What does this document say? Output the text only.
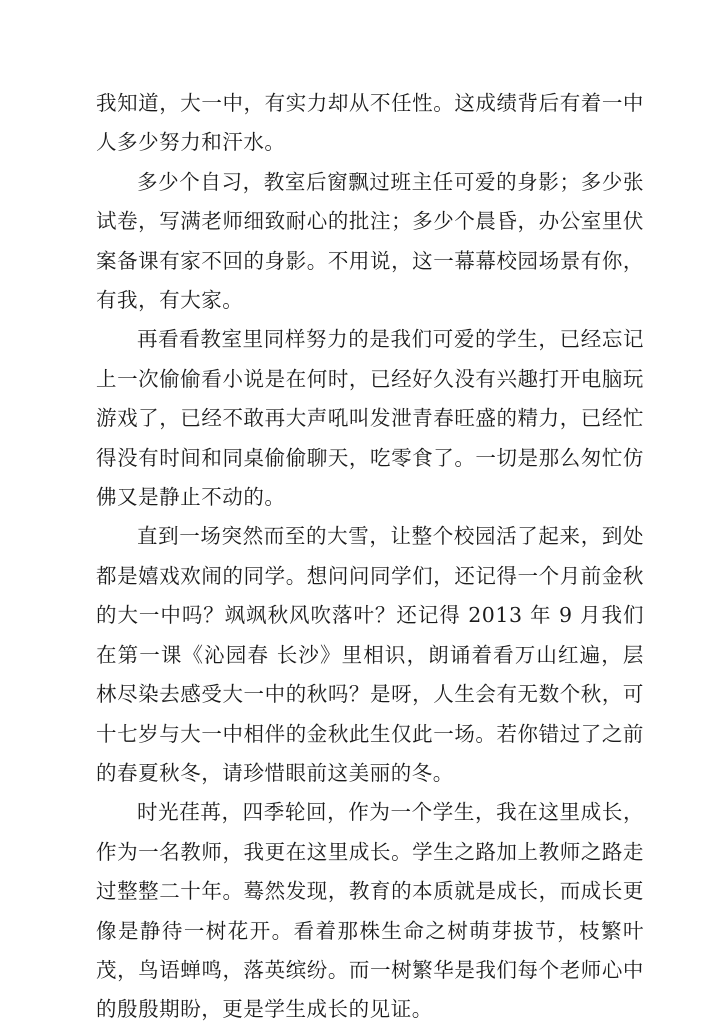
我知道，大一中，有实力却从不任性。这成绩背后有着一中人多少努力和汗水。

多少个自习，教室后窗飘过班主任可爱的身影；多少张试卷，写满老师细致耐心的批注；多少个晨昏，办公室里伏案备课有家不回的身影。不用说，这一幕幕校园场景有你，有我，有大家。

再看看教室里同样努力的是我们可爱的学生，已经忘记上一次偷偷看小说是在何时，已经好久没有兴趣打开电脑玩游戏了，已经不敢再大声吼叫发泄青春旺盛的精力，已经忙得没有时间和同桌偷偷聊天，吃零食了。一切是那么匆忙仿佛又是静止不动的。

直到一场突然而至的大雪，让整个校园活了起来，到处都是嬉戏欢闹的同学。想问问同学们，还记得一个月前金秋的大一中吗？飒飒秋风吹落叶？还记得 2013 年 9 月我们在第一课《沁园春 长沙》里相识，朗诵着看万山红遍，层林尽染去感受大一中的秋吗？是呀，人生会有无数个秋，可十七岁与大一中相伴的金秋此生仅此一场。若你错过了之前的春夏秋冬，请珍惜眼前这美丽的冬。

时光荏苒，四季轮回，作为一个学生，我在这里成长，作为一名教师，我更在这里成长。学生之路加上教师之路走过整整二十年。蓦然发现，教育的本质就是成长，而成长更像是静待一树花开。看着那株生命之树萌芽拔节，枝繁叶茂，鸟语蝉鸣，落英缤纷。而一树繁华是我们每个老师心中的殷殷期盼，更是学生成长的见证。
